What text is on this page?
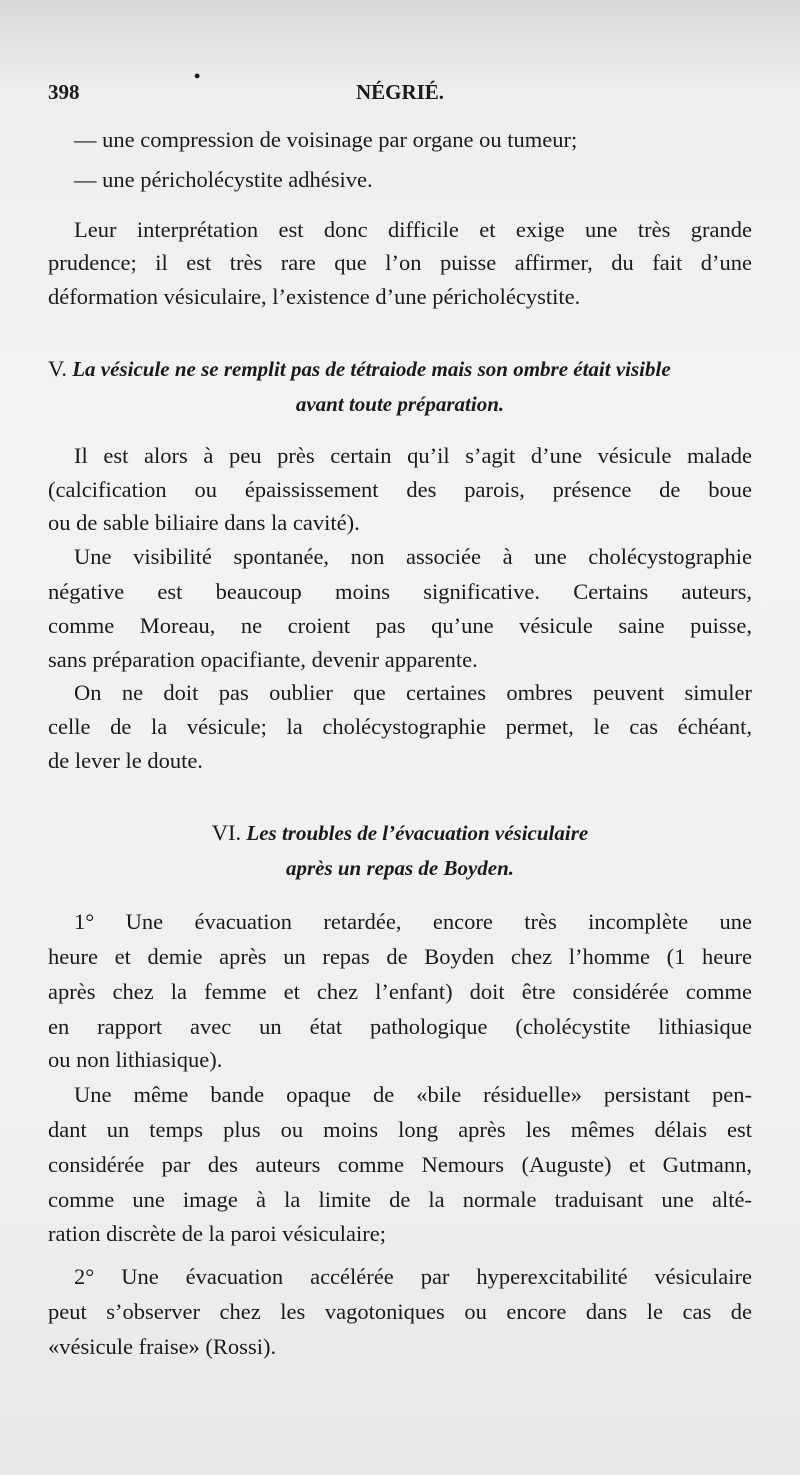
398
•
NÉGRIÉ.
— une compression de voisinage par organe ou tumeur;
— une péricholécystite adhésive.
Leur interprétation est donc difficile et exige une très grande
prudence; il est très rare que l’on puisse affirmer, du fait d’une
déformation vésiculaire, l’existence d’une péricholécystite.
V. La vésicule ne se remplit pas de tétraiode mais son ombre était visible
avant toute préparation.
Il est alors à peu près certain qu’il s’agit d’une vésicule malade
(calcification ou épaississement des parois, présence de boue
ou de sable biliaire dans la cavité).
Une visibilité spontanée, non associée à une cholécystographie
négative est beaucoup moins significative. Certains auteurs,
comme Moreau, ne croient pas qu’une vésicule saine puisse,
sans préparation opacifiante, devenir apparente.
On ne doit pas oublier que certaines ombres peuvent simuler
celle de la vésicule; la cholécystographie permet, le cas échéant,
de lever le doute.
VI. Les troubles de l’évacuation vésiculaire
après un repas de Boyden.
1° Une évacuation retardée, encore très incomplète une
heure et demie après un repas de Boyden chez l’homme (1 heure
après chez la femme et chez l’enfant) doit être considérée comme
en rapport avec un état pathologique (cholécystite lithiasique
ou non lithiasique).
Une même bande opaque de «bile résiduelle» persistant pen-
dant un temps plus ou moins long après les mêmes délais est
considérée par des auteurs comme Nemours (Auguste) et Gutmann,
comme une image à la limite de la normale traduisant une alté-
ration discrète de la paroi vésiculaire;
2° Une évacuation accélérée par hyperexcitabilité vésiculaire
peut s’observer chez les vagotoniques ou encore dans le cas de
«vésicule fraise» (Rossi).
